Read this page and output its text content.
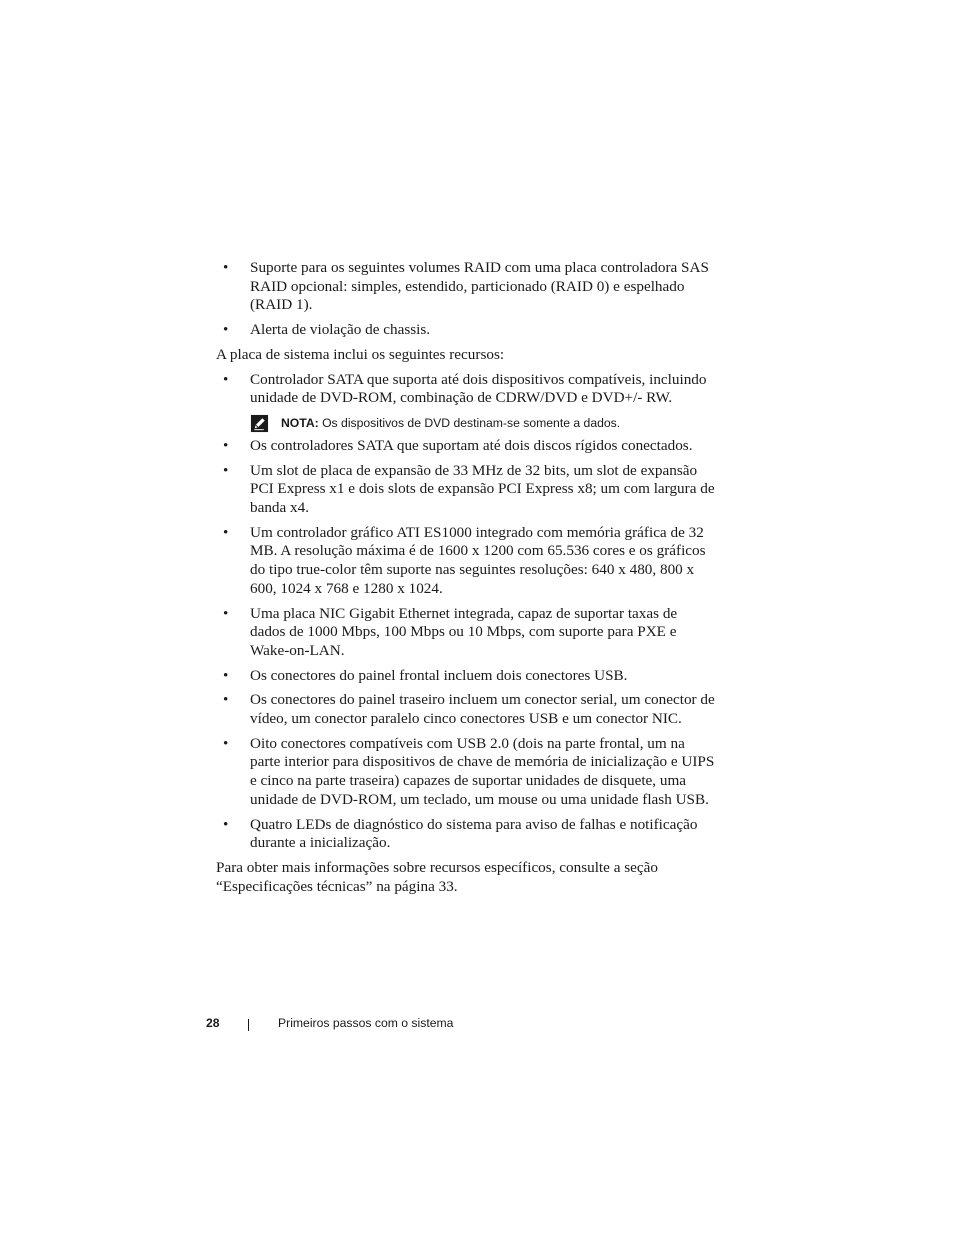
• Suporte para os seguintes volumes RAID com uma placa controladora SAS RAID opcional: simples, estendido, particionado (RAID 0) e espelhado (RAID 1).
• Alerta de violação de chassis.

A placa de sistema inclui os seguintes recursos:

• Controlador SATA que suporta até dois dispositivos compatíveis, incluindo unidade de DVD-ROM, combinação de CDRW/DVD e DVD+/- RW.
NOTA: Os dispositivos de DVD destinam-se somente a dados.
• Os controladores SATA que suportam até dois discos rígidos conectados.
• Um slot de placa de expansão de 33 MHz de 32 bits, um slot de expansão PCI Express x1 e dois slots de expansão PCI Express x8; um com largura de banda x4.
• Um controlador gráfico ATI ES1000 integrado com memória gráfica de 32 MB. A resolução máxima é de 1600 x 1200 com 65.536 cores e os gráficos do tipo true-color têm suporte nas seguintes resoluções: 640 x 480, 800 x 600, 1024 x 768 e 1280 x 1024.
• Uma placa NIC Gigabit Ethernet integrada, capaz de suportar taxas de dados de 1000 Mbps, 100 Mbps ou 10 Mbps, com suporte para PXE e Wake-on-LAN.
• Os conectores do painel frontal incluem dois conectores USB.
• Os conectores do painel traseiro incluem um conector serial, um conector de vídeo, um conector paralelo cinco conectores USB e um conector NIC.
• Oito conectores compatíveis com USB 2.0 (dois na parte frontal, um na parte interior para dispositivos de chave de memória de inicialização e UIPS e cinco na parte traseira) capazes de suportar unidades de disquete, uma unidade de DVD-ROM, um teclado, um mouse ou uma unidade flash USB.
• Quatro LEDs de diagnóstico do sistema para aviso de falhas e notificação durante a inicialização.

Para obter mais informações sobre recursos específicos, consulte a seção “Especificações técnicas” na página 33.

28	Primeiros passos com o sistema
